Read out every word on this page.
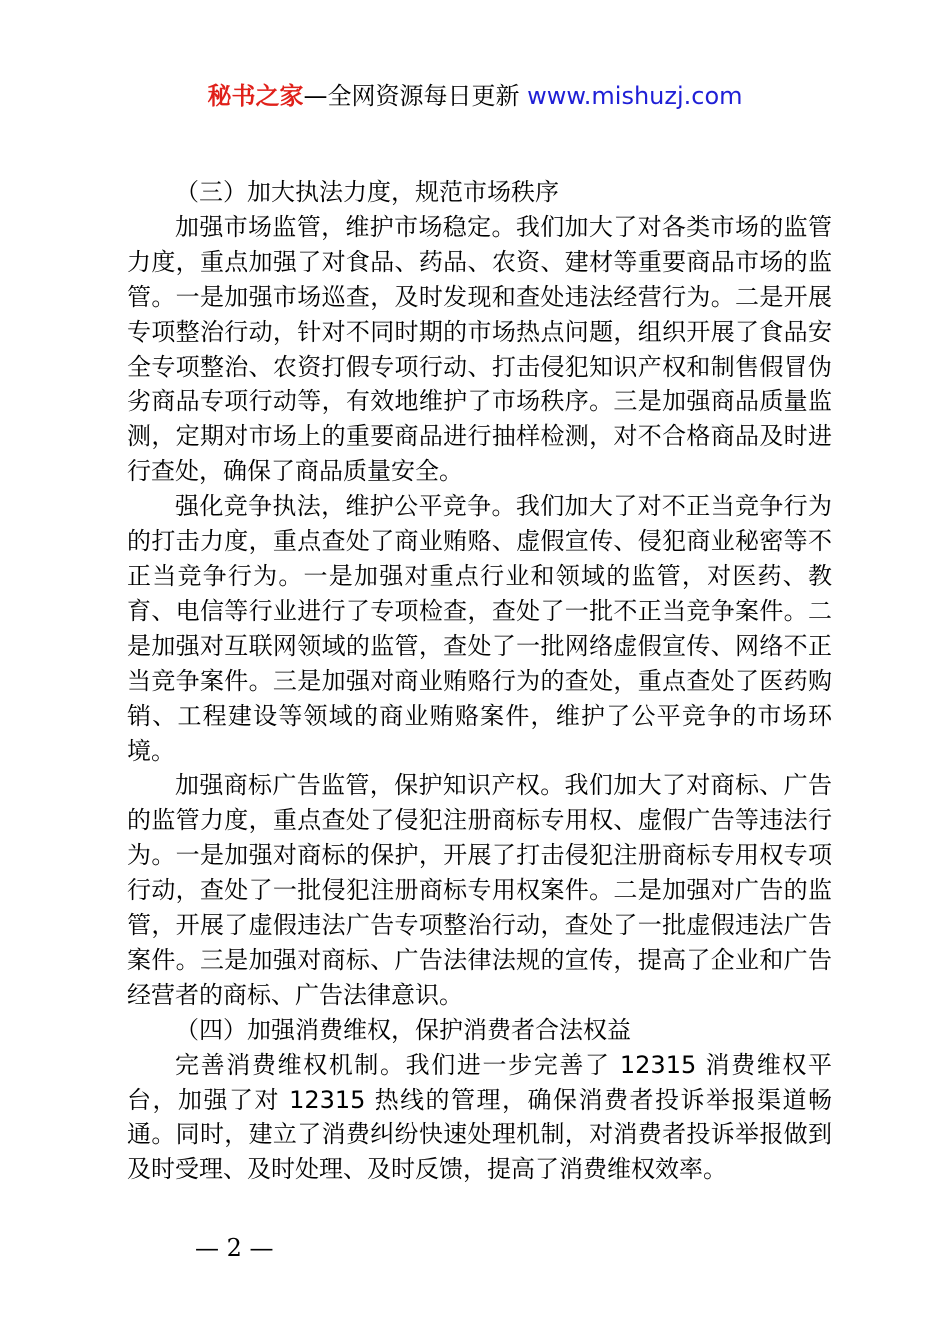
秘书之家—全网资源每日更新 www.mishuzj.com

（三）加大执法力度，规范市场秩序

加强市场监管，维护市场稳定。我们加大了对各类市场的监管力度，重点加强了对食品、药品、农资、建材等重要商品市场的监管。一是加强市场巡查，及时发现和查处违法经营行为。二是开展专项整治行动，针对不同时期的市场热点问题，组织开展了食品安全专项整治、农资打假专项行动、打击侵犯知识产权和制售假冒伪劣商品专项行动等，有效地维护了市场秩序。三是加强商品质量监测，定期对市场上的重要商品进行抽样检测，对不合格商品及时进行查处，确保了商品质量安全。

强化竞争执法，维护公平竞争。我们加大了对不正当竞争行为的打击力度，重点查处了商业贿赂、虚假宣传、侵犯商业秘密等不正当竞争行为。一是加强对重点行业和领域的监管，对医药、教育、电信等行业进行了专项检查，查处了一批不正当竞争案件。二是加强对互联网领域的监管，查处了一批网络虚假宣传、网络不正当竞争案件。三是加强对商业贿赂行为的查处，重点查处了医药购销、工程建设等领域的商业贿赂案件，维护了公平竞争的市场环境。

加强商标广告监管，保护知识产权。我们加大了对商标、广告的监管力度，重点查处了侵犯注册商标专用权、虚假广告等违法行为。一是加强对商标的保护，开展了打击侵犯注册商标专用权专项行动，查处了一批侵犯注册商标专用权案件。二是加强对广告的监管，开展了虚假违法广告专项整治行动，查处了一批虚假违法广告案件。三是加强对商标、广告法律法规的宣传，提高了企业和广告经营者的商标、广告法律意识。

（四）加强消费维权，保护消费者合法权益

完善消费维权机制。我们进一步完善了 12315 消费维权平台，加强了对 12315 热线的管理，确保消费者投诉举报渠道畅通。同时，建立了消费纠纷快速处理机制，对消费者投诉举报做到及时受理、及时处理、及时反馈，提高了消费维权效率。

— 2 —
